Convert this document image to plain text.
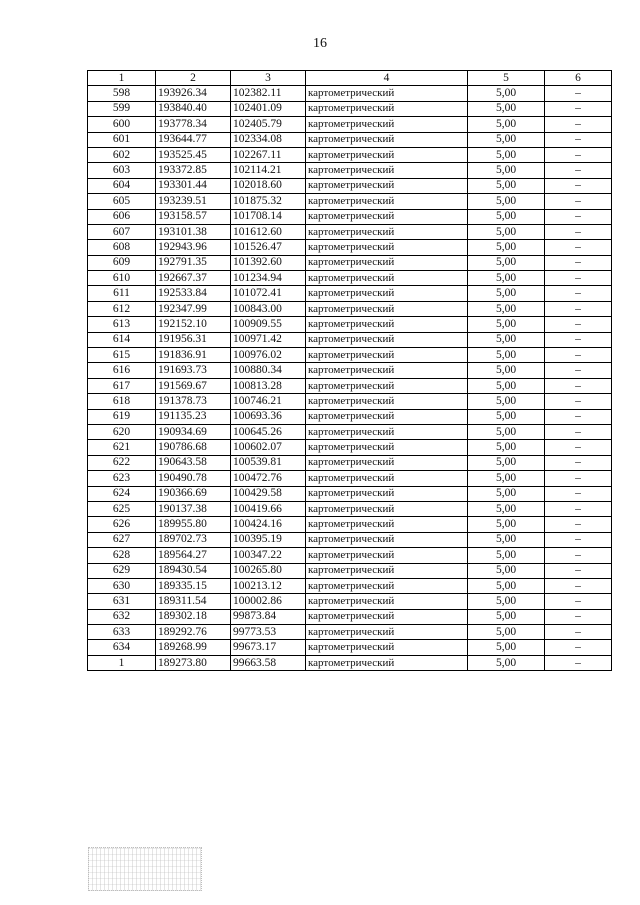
16
1	2	3	4	5	6
598	193926.34	102382.11	картометрический	5,00	–
599	193840.40	102401.09	картометрический	5,00	–
600	193778.34	102405.79	картометрический	5,00	–
601	193644.77	102334.08	картометрический	5,00	–
602	193525.45	102267.11	картометрический	5,00	–
603	193372.85	102114.21	картометрический	5,00	–
604	193301.44	102018.60	картометрический	5,00	–
605	193239.51	101875.32	картометрический	5,00	–
606	193158.57	101708.14	картометрический	5,00	–
607	193101.38	101612.60	картометрический	5,00	–
608	192943.96	101526.47	картометрический	5,00	–
609	192791.35	101392.60	картометрический	5,00	–
610	192667.37	101234.94	картометрический	5,00	–
611	192533.84	101072.41	картометрический	5,00	–
612	192347.99	100843.00	картометрический	5,00	–
613	192152.10	100909.55	картометрический	5,00	–
614	191956.31	100971.42	картометрический	5,00	–
615	191836.91	100976.02	картометрический	5,00	–
616	191693.73	100880.34	картометрический	5,00	–
617	191569.67	100813.28	картометрический	5,00	–
618	191378.73	100746.21	картометрический	5,00	–
619	191135.23	100693.36	картометрический	5,00	–
620	190934.69	100645.26	картометрический	5,00	–
621	190786.68	100602.07	картометрический	5,00	–
622	190643.58	100539.81	картометрический	5,00	–
623	190490.78	100472.76	картометрический	5,00	–
624	190366.69	100429.58	картометрический	5,00	–
625	190137.38	100419.66	картометрический	5,00	–
626	189955.80	100424.16	картометрический	5,00	–
627	189702.73	100395.19	картометрический	5,00	–
628	189564.27	100347.22	картометрический	5,00	–
629	189430.54	100265.80	картометрический	5,00	–
630	189335.15	100213.12	картометрический	5,00	–
631	189311.54	100002.86	картометрический	5,00	–
632	189302.18	99873.84	картометрический	5,00	–
633	189292.76	99773.53	картометрический	5,00	–
634	189268.99	99673.17	картометрический	5,00	–
1	189273.80	99663.58	картометрический	5,00	–
